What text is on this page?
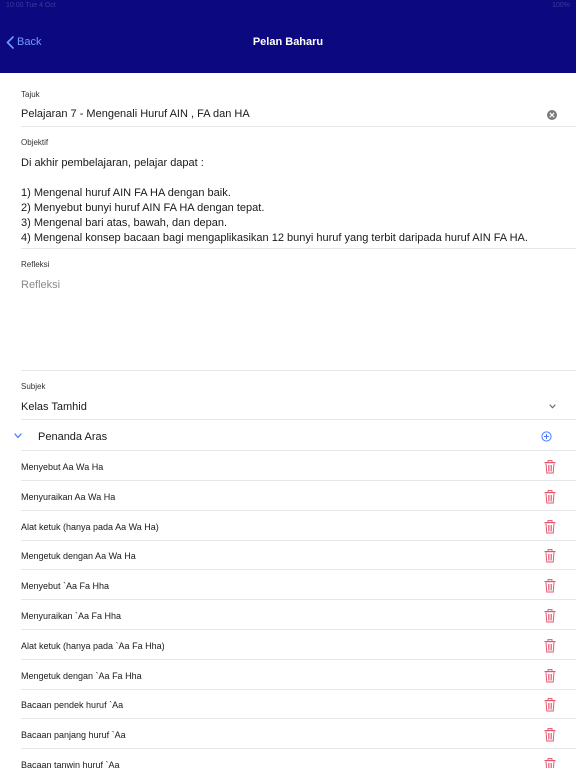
10:00 Tue 4 Oct	100%
Back	Pelan Baharu
Tajuk
Pelajaran 7 - Mengenali Huruf AIN , FA dan HA
Objektif
Di akhir pembelajaran, pelajar dapat :

1) Mengenal huruf AIN FA HA dengan baik.
2) Menyebut bunyi huruf AIN FA HA dengan tepat.
3) Mengenal bari atas, bawah, dan depan.
4) Mengenal konsep bacaan bagi mengaplikasikan 12 bunyi huruf yang terbit daripada huruf AIN FA HA.
Refleksi
Refleksi
Subjek
Kelas Tamhid
Penanda Aras
Menyebut Aa Wa Ha
Menyuraikan Aa Wa Ha
Alat ketuk (hanya pada Aa Wa Ha)
Mengetuk dengan Aa Wa Ha
Menyebut `Aa Fa Hha
Menyuraikan `Aa Fa Hha
Alat ketuk (hanya pada `Aa Fa Hha)
Mengetuk dengan `Aa Fa Hha
Bacaan pendek huruf `Aa
Bacaan panjang huruf `Aa
Bacaan tanwin huruf `Aa
